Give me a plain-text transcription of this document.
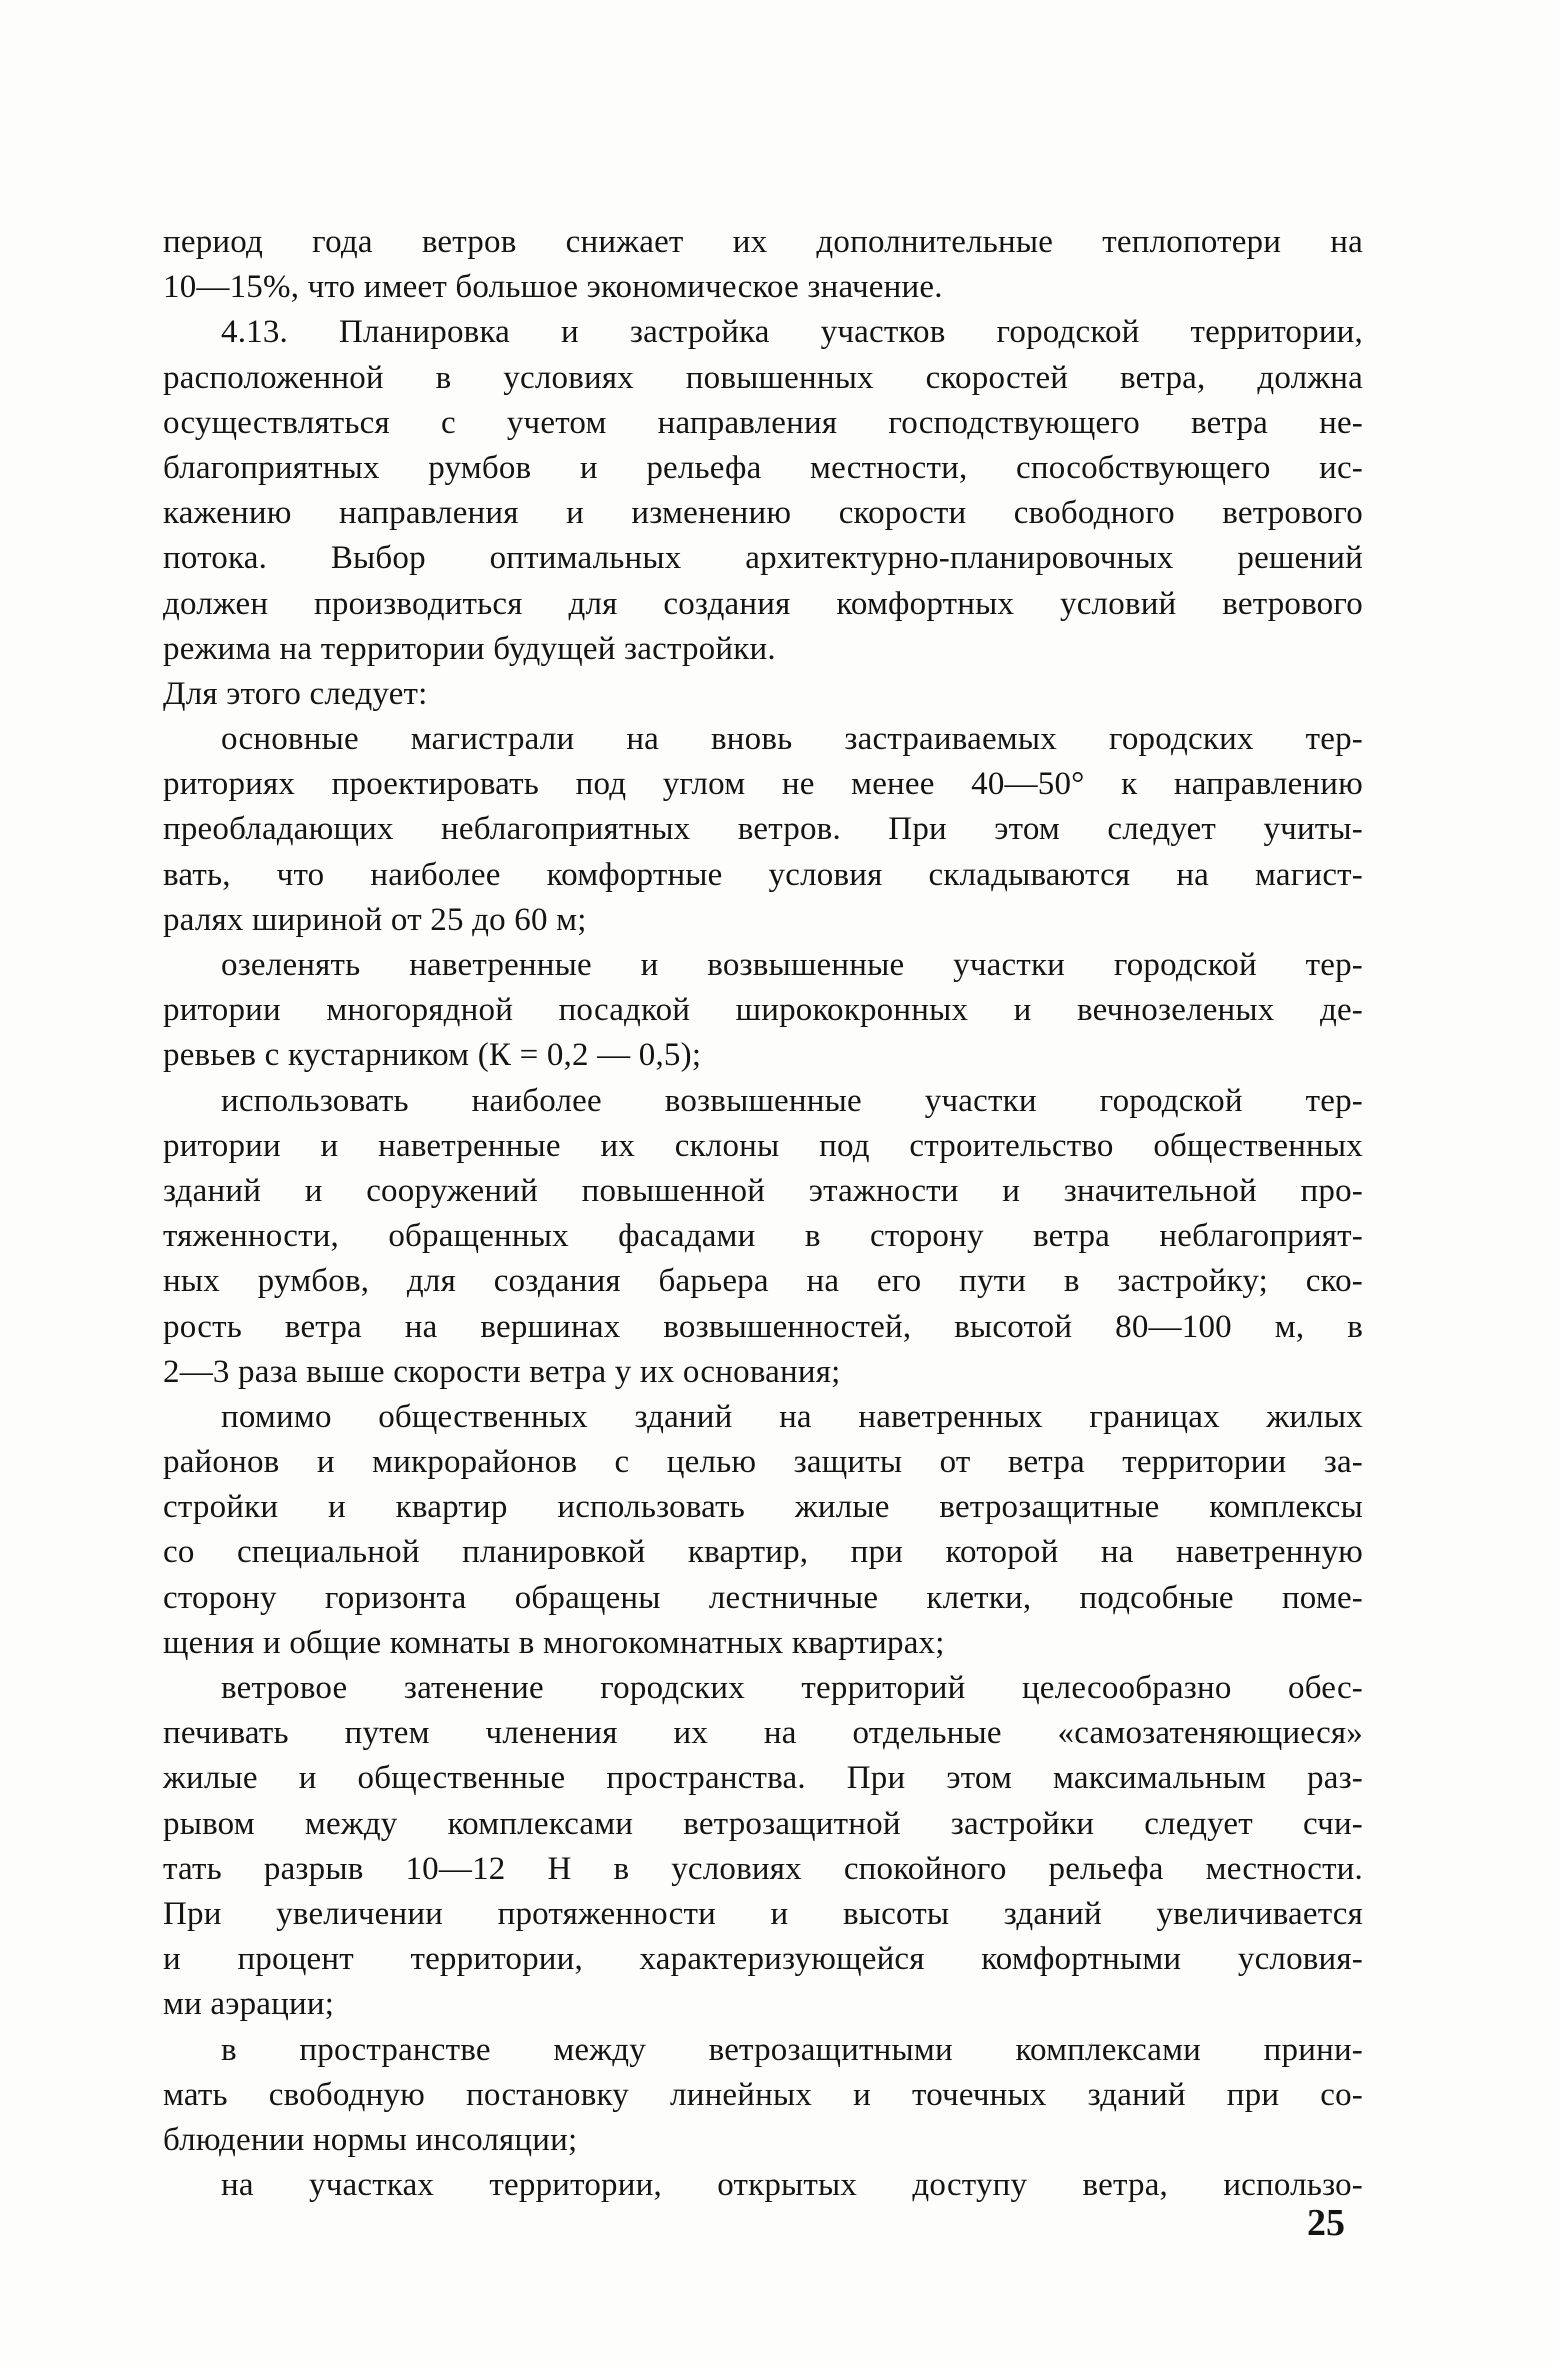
период года ветров снижает их дополнительные теплопотери на
10—15%, что имеет большое экономическое значение.
4.13. Планировка и застройка участков городской территории,
расположенной в условиях повышенных скоростей ветра, должна
осуществляться с учетом направления господствующего ветра не-
благоприятных румбов и рельефа местности, способствующего ис-
кажению направления и изменению скорости свободного ветрового
потока. Выбор оптимальных архитектурно-планировочных решений
должен производиться для создания комфортных условий ветрового
режима на территории будущей застройки.
Для этого следует:
основные магистрали на вновь застраиваемых городских тер-
риториях проектировать под углом не менее 40—50° к направлению
преобладающих неблагоприятных ветров. При этом следует учиты-
вать, что наиболее комфортные условия складываются на магист-
ралях шириной от 25 до 60 м;
озеленять наветренные и возвышенные участки городской тер-
ритории многорядной посадкой ширококронных и вечнозеленых де-
ревьев с кустарником (К = 0,2 — 0,5);
использовать наиболее возвышенные участки городской тер-
ритории и наветренные их склоны под строительство общественных
зданий и сооружений повышенной этажности и значительной про-
тяженности, обращенных фасадами в сторону ветра неблагоприят-
ных румбов, для создания барьера на его пути в застройку; ско-
рость ветра на вершинах возвышенностей, высотой 80—100 м, в
2—3 раза выше скорости ветра у их основания;
помимо общественных зданий на наветренных границах жилых
районов и микрорайонов с целью защиты от ветра территории за-
стройки и квартир использовать жилые ветрозащитные комплексы
со специальной планировкой квартир, при которой на наветренную
сторону горизонта обращены лестничные клетки, подсобные поме-
щения и общие комнаты в многокомнатных квартирах;
ветровое затенение городских территорий целесообразно обес-
печивать путем членения их на отдельные «самозатеняющиеся»
жилые и общественные пространства. При этом максимальным раз-
рывом между комплексами ветрозащитной застройки следует счи-
тать разрыв 10—12 Н в условиях спокойного рельефа местности.
При увеличении протяженности и высоты зданий увеличивается
и процент территории, характеризующейся комфортными условия-
ми аэрации;
в пространстве между ветрозащитными комплексами прини-
мать свободную постановку линейных и точечных зданий при со-
блюдении нормы инсоляции;
на участках территории, открытых доступу ветра, использо-
25
